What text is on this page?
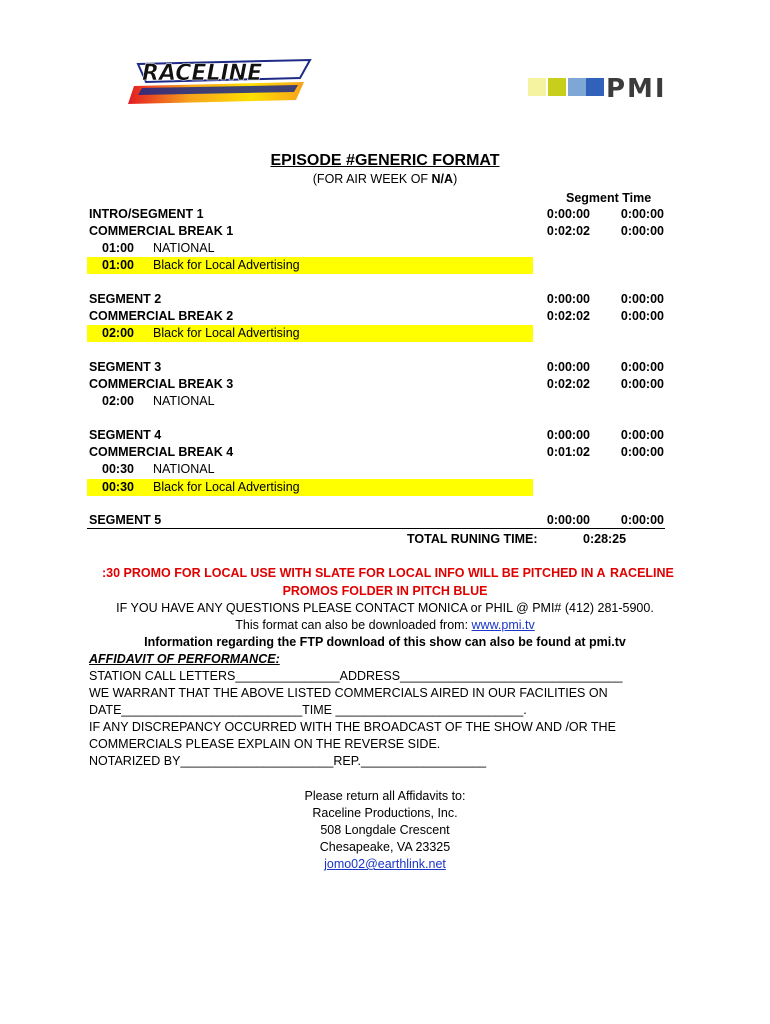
RACELINE
PMI
EPISODE #GENERIC FORMAT
(FOR AIR WEEK OF N/A)
Segment Time
INTRO/SEGMENT 1	0:00:00	0:00:00
COMMERCIAL BREAK 1	0:02:02	0:00:00
01:00 NATIONAL
01:00 Black for Local Advertising
SEGMENT 2	0:00:00	0:00:00
COMMERCIAL BREAK 2	0:02:02	0:00:00
02:00 Black for Local Advertising
SEGMENT 3	0:00:00	0:00:00
COMMERCIAL BREAK 3	0:02:02	0:00:00
02:00 NATIONAL
SEGMENT 4	0:00:00	0:00:00
COMMERCIAL BREAK 4	0:01:02	0:00:00
00:30 NATIONAL
00:30 Black for Local Advertising
SEGMENT 5	0:00:00	0:00:00
TOTAL RUNING TIME:	0:28:25
:30 PROMO FOR LOCAL USE WITH SLATE FOR LOCAL INFO WILL BE PITCHED IN A RACELINE
PROMOS FOLDER IN PITCH BLUE
IF YOU HAVE ANY QUESTIONS PLEASE CONTACT MONICA or PHIL @ PMI# (412) 281-5900.
This format can also be downloaded from: www.pmi.tv
Information regarding the FTP download of this show can also be found at pmi.tv
AFFIDAVIT OF PERFORMANCE:
STATION CALL LETTERS_______________ADDRESS________________________________
WE WARRANT THAT THE ABOVE LISTED COMMERCIALS AIRED IN OUR FACILITIES ON
DATE__________________________TIME ___________________________.
IF ANY DISCREPANCY OCCURRED WITH THE BROADCAST OF THE SHOW AND /OR THE
COMMERCIALS PLEASE EXPLAIN ON THE REVERSE SIDE.
NOTARIZED BY______________________REP.__________________
Please return all Affidavits to:
Raceline Productions, Inc.
508 Longdale Crescent
Chesapeake, VA 23325
jomo02@earthlink.net
